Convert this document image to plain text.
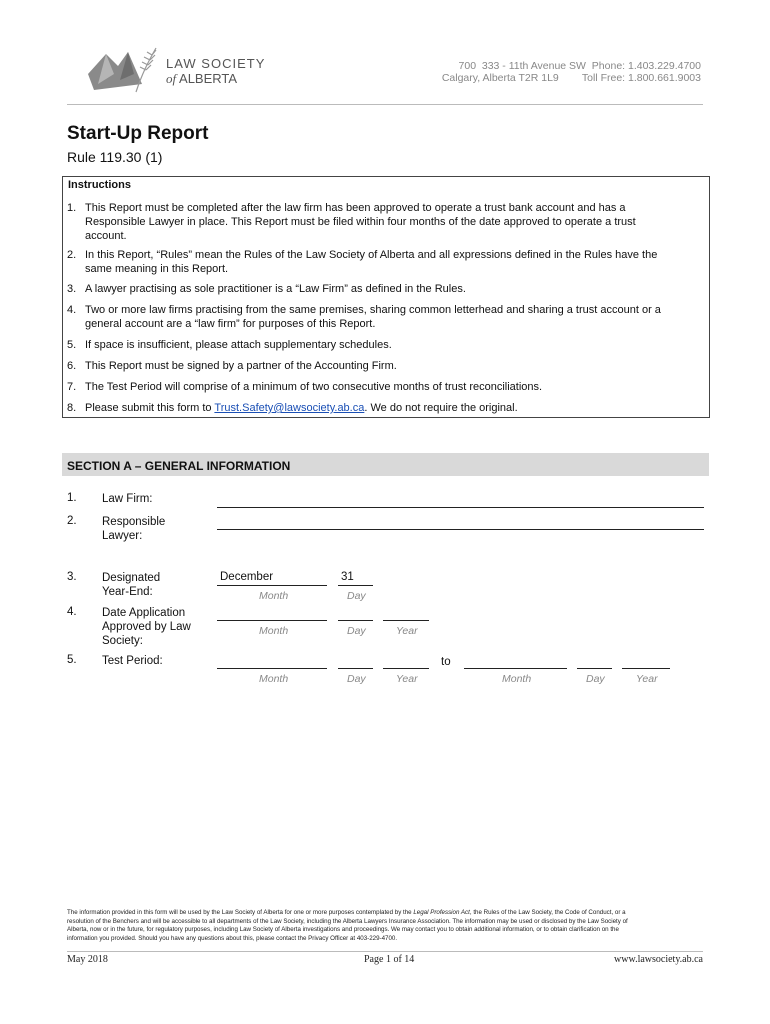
LAW SOCIETY
of ALBERTA
700  333 - 11th Avenue SW  Phone: 1.403.229.4700
Calgary, Alberta T2R 1L9        Toll Free: 1.800.661.9003
Start-Up Report
Rule 119.30 (1)
Instructions
1. This Report must be completed after the law firm has been approved to operate a trust bank account and has a
Responsible Lawyer in place. This Report must be filed within four months of the date approved to operate a trust
account.
2. In this Report, “Rules” mean the Rules of the Law Society of Alberta and all expressions defined in the Rules have the
same meaning in this Report.
3. A lawyer practising as sole practitioner is a “Law Firm” as defined in the Rules.
4. Two or more law firms practising from the same premises, sharing common letterhead and sharing a trust account or a
general account are a “law firm” for purposes of this Report.
5. If space is insufficient, please attach supplementary schedules.
6. This Report must be signed by a partner of the Accounting Firm.
7. The Test Period will comprise of a minimum of two consecutive months of trust reconciliations.
8. Please submit this form to Trust.Safety@lawsociety.ab.ca. We do not require the original.
SECTION A – GENERAL INFORMATION
1. Law Firm:
2. Responsible
Lawyer:
3. Designated
Year-End:
December	31
Month	Day
4. Date Application
Approved by Law
Society:
Month	Day	Year
5. Test Period:	to
Month	Day	Year	Month	Day	Year
The information provided in this form will be used by the Law Society of Alberta for one or more purposes contemplated by the Legal Profession Act, the Rules of the Law Society, the Code of Conduct, or a
resolution of the Benchers and will be accessible to all departments of the Law Society, including the Alberta Lawyers Insurance Association. The information may be used or disclosed by the Law Society of
Alberta, now or in the future, for regulatory purposes, including Law Society of Alberta investigations and proceedings. We may contact you to obtain additional information, or to obtain clarification on the
information you provided. Should you have any questions about this, please contact the Privacy Officer at 403-229-4700.
May 2018	Page 1 of 14	www.lawsociety.ab.ca
